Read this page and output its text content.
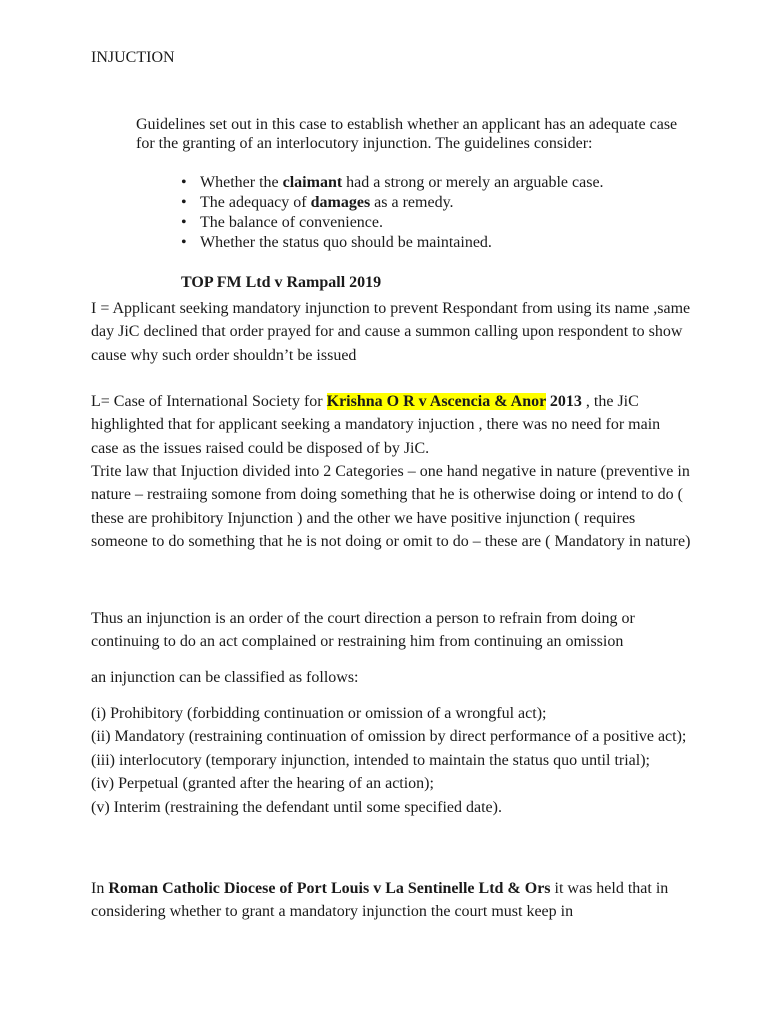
INJUCTION
Guidelines set out in this case to establish whether an applicant has an adequate case for the granting of an interlocutory injunction. The guidelines consider:
• Whether the claimant had a strong or merely an arguable case.
• The adequacy of damages as a remedy.
• The balance of convenience.
• Whether the status quo should be maintained.
TOP FM Ltd v Rampall 2019
I = Applicant seeking mandatory injunction to prevent Respondant from using its name ,same day JiC declined that order prayed for and cause a summon calling upon respondent to show cause why such order shouldn’t be issued
L= Case of International Society for Krishna O R v Ascencia & Anor 2013 , the JiC highlighted that for applicant seeking a mandatory injuction , there was no need for main case as the issues raised could be disposed of by JiC.
Trite law that Injuction divided into 2 Categories – one hand negative in nature (preventive in nature – restraiing somone from doing something that he is otherwise doing or intend to do ( these are prohibitory Injunction ) and the other we have positive injunction ( requires someone to do something that he is not doing or omit to do – these are ( Mandatory in nature)
Thus an injunction is an order of the court direction a person to refrain from doing or continuing to do an act complained or restraining him from continuing an omission
an injunction can be classified as follows:
(i) Prohibitory (forbidding continuation or omission of a wrongful act);
(ii) Mandatory (restraining continuation of omission by direct performance of a positive act);
(iii) interlocutory (temporary injunction, intended to maintain the status quo until trial);
(iv) Perpetual (granted after the hearing of an action);
(v) Interim (restraining the defendant until some specified date).
In Roman Catholic Diocese of Port Louis v La Sentinelle Ltd & Ors it was held that in considering whether to grant a mandatory injunction the court must keep in
